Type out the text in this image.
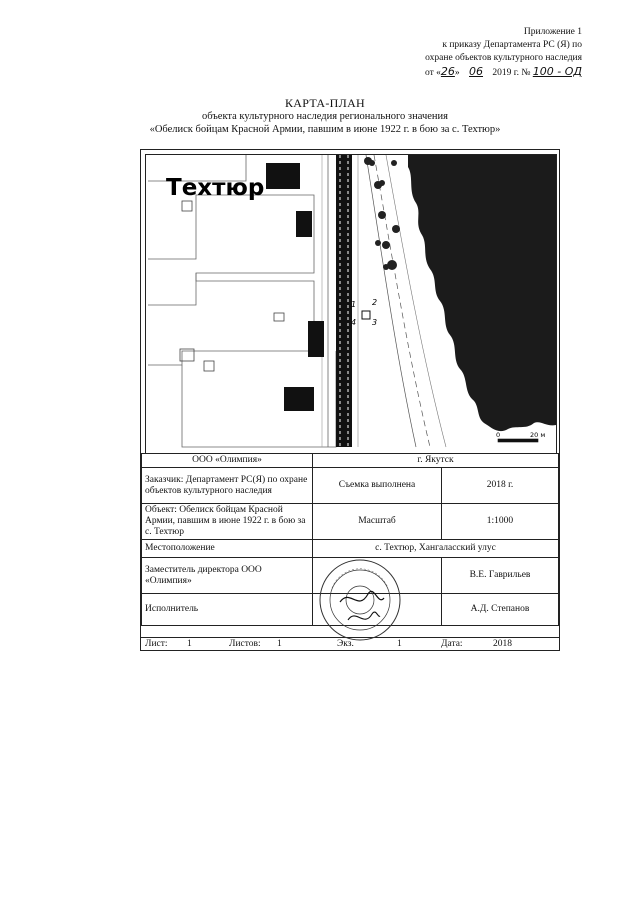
Приложение 1
к приказу Департамента РС (Я) по
охране объектов культурного наследия
от «26» 06 2019 г. № 100 - ОД
КАРТА-ПЛАН
объекта культурного наследия регионального значения
«Обелиск бойцам Красной Армии, павшим в июне 1922 г. в бою за с. Техтюр»
1 2
3
4
Техтюр
0	20 м
ООО «Олимпия»	г. Якутск	
Заказчик: Департамент РС(Я) по охране объектов культурного наследия	Съемка выполнена	2018 г.
Объект: Обелиск бойцам Красной Армии, павшим в июне 1922 г. в бою за с. Техтюр	Масштаб	1:1000
Местоположение	с. Техтюр, Хангаласский улус	
Заместитель директора ООО «Олимпия»		В.Е. Гаврильев
Исполнитель		А.Д. Степанов
Лист: 1	Листов: 1	Экз.	1	Дата:	2018
